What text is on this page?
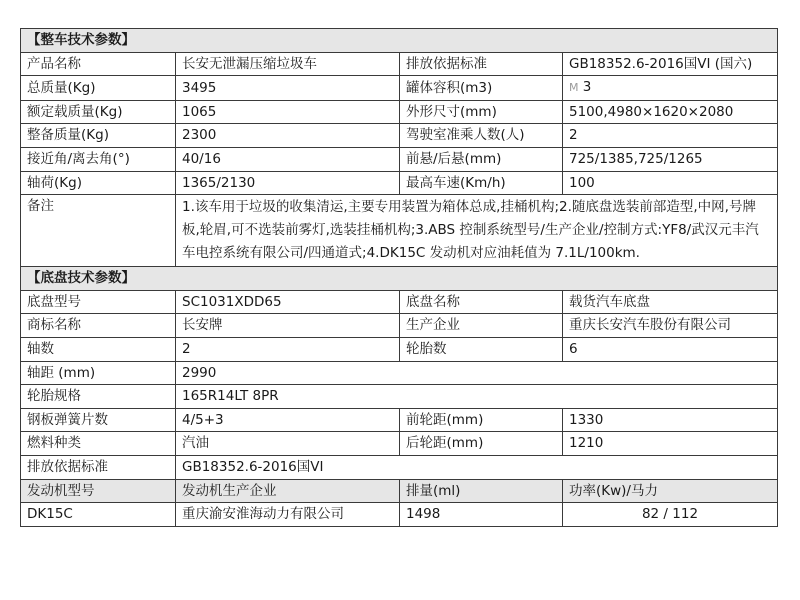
【整车技术参数】			
产品名称	长安无泄漏压缩垃圾车	排放依据标准	GB18352.6-2016国VI (国六)
总质量(Kg)	3495	罐体容积(m3)	M 3
额定载质量(Kg)	1065	外形尺寸(mm)	5100,4980×1620×2080
整备质量(Kg)	2300	驾驶室准乘人数(人)	2
接近角/离去角(°)	40/16	前悬/后悬(mm)	725/1385,725/1265
轴荷(Kg)	1365/2130	最高车速(Km/h)	100
备注	1.该车用于垃圾的收集清运,主要专用装置为箱体总成,挂桶机构;2.随底盘选装前部造型,中网,号牌板,轮眉,可不选装前雾灯,选装挂桶机构;3.ABS 控制系统型号/生产企业/控制方式:YF8/武汉元丰汽车电控系统有限公司/四通道式;4.DK15C 发动机对应油耗值为 7.1L/100km.		
【底盘技术参数】			
底盘型号	SC1031XDD65	底盘名称	载货汽车底盘
商标名称	长安牌	生产企业	重庆长安汽车股份有限公司
轴数	2	轮胎数	6
轴距 (mm)	2990		
轮胎规格	165R14LT 8PR		
钢板弹簧片数	4/5+3	前轮距(mm)	1330
燃料种类	汽油	后轮距(mm)	1210
排放依据标准	GB18352.6-2016国VI		
发动机型号	发动机生产企业	排量(ml)	功率(Kw)/马力
DK15C	重庆渝安淮海动力有限公司	1498	82 / 112
